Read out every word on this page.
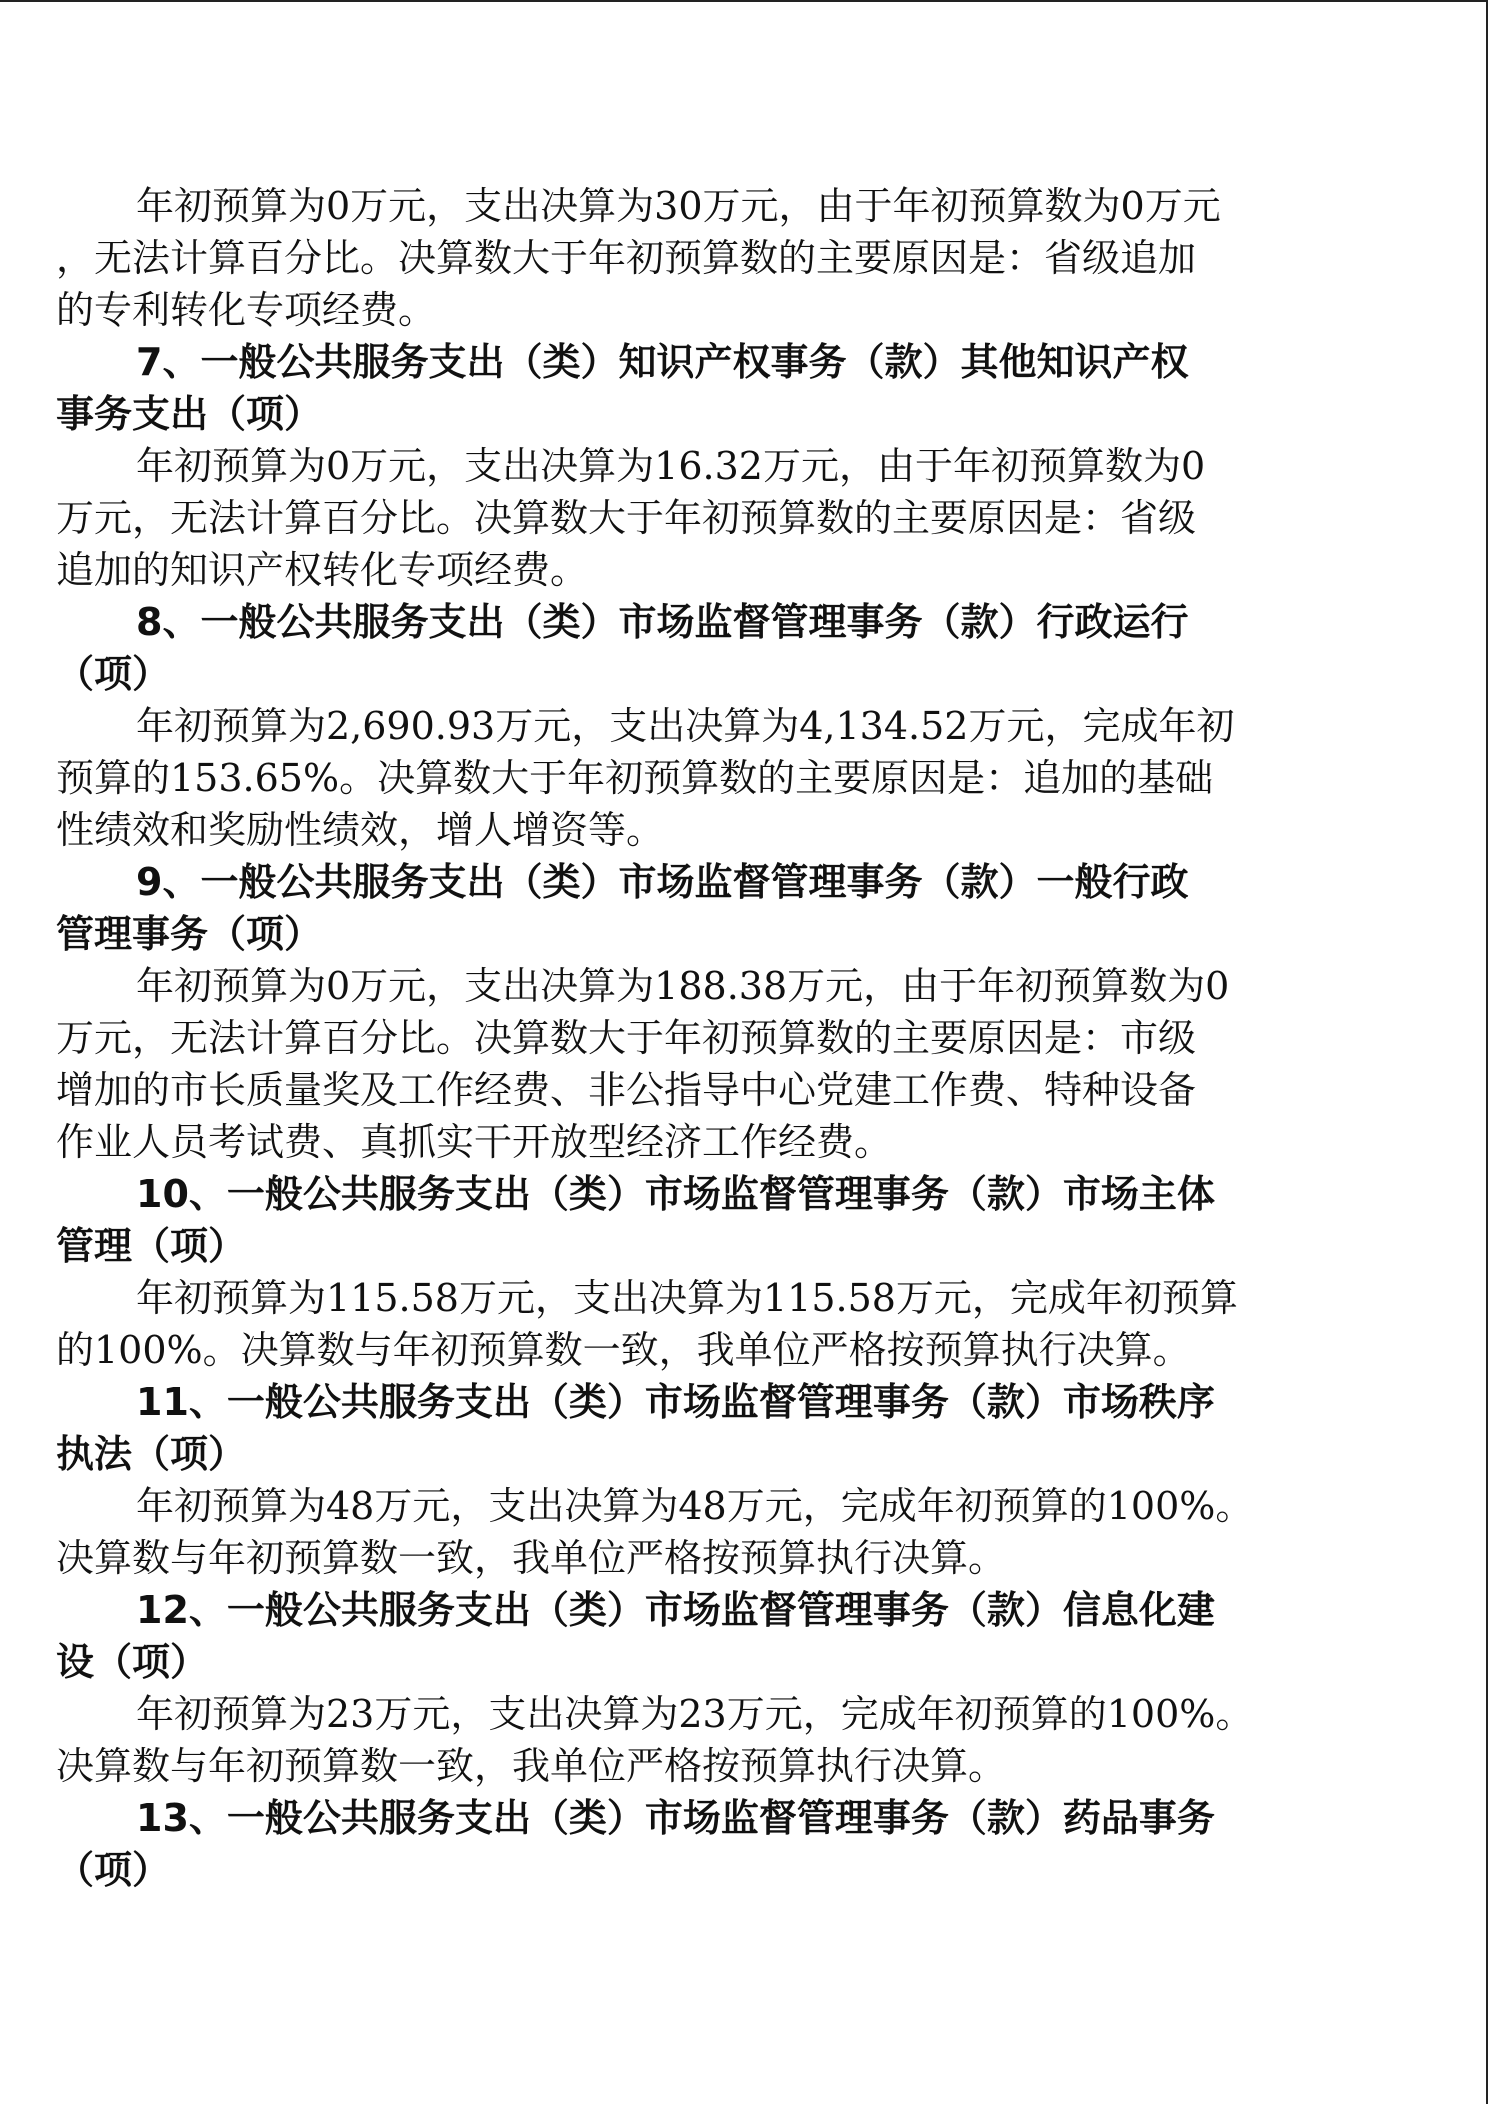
年初预算为0万元，支出决算为30万元，由于年初预算数为0万元
，无法计算百分比。决算数大于年初预算数的主要原因是：省级追加
的专利转化专项经费。

7、一般公共服务支出（类）知识产权事务（款）其他知识产权
事务支出（项）

年初预算为0万元，支出决算为16.32万元，由于年初预算数为0
万元，无法计算百分比。决算数大于年初预算数的主要原因是：省级
追加的知识产权转化专项经费。

8、一般公共服务支出（类）市场监督管理事务（款）行政运行
（项）

年初预算为2,690.93万元，支出决算为4,134.52万元，完成年初
预算的153.65%。决算数大于年初预算数的主要原因是：追加的基础
性绩效和奖励性绩效，增人增资等。

9、一般公共服务支出（类）市场监督管理事务（款）一般行政
管理事务（项）

年初预算为0万元，支出决算为188.38万元，由于年初预算数为0
万元，无法计算百分比。决算数大于年初预算数的主要原因是：市级
增加的市长质量奖及工作经费、非公指导中心党建工作费、特种设备
作业人员考试费、真抓实干开放型经济工作经费。

10、一般公共服务支出（类）市场监督管理事务（款）市场主体
管理（项）

年初预算为115.58万元，支出决算为115.58万元，完成年初预算
的100%。决算数与年初预算数一致，我单位严格按预算执行决算。

11、一般公共服务支出（类）市场监督管理事务（款）市场秩序
执法（项）

年初预算为48万元，支出决算为48万元，完成年初预算的100%。
决算数与年初预算数一致，我单位严格按预算执行决算。

12、一般公共服务支出（类）市场监督管理事务（款）信息化建
设（项）

年初预算为23万元，支出决算为23万元，完成年初预算的100%。
决算数与年初预算数一致，我单位严格按预算执行决算。

13、一般公共服务支出（类）市场监督管理事务（款）药品事务
（项）
